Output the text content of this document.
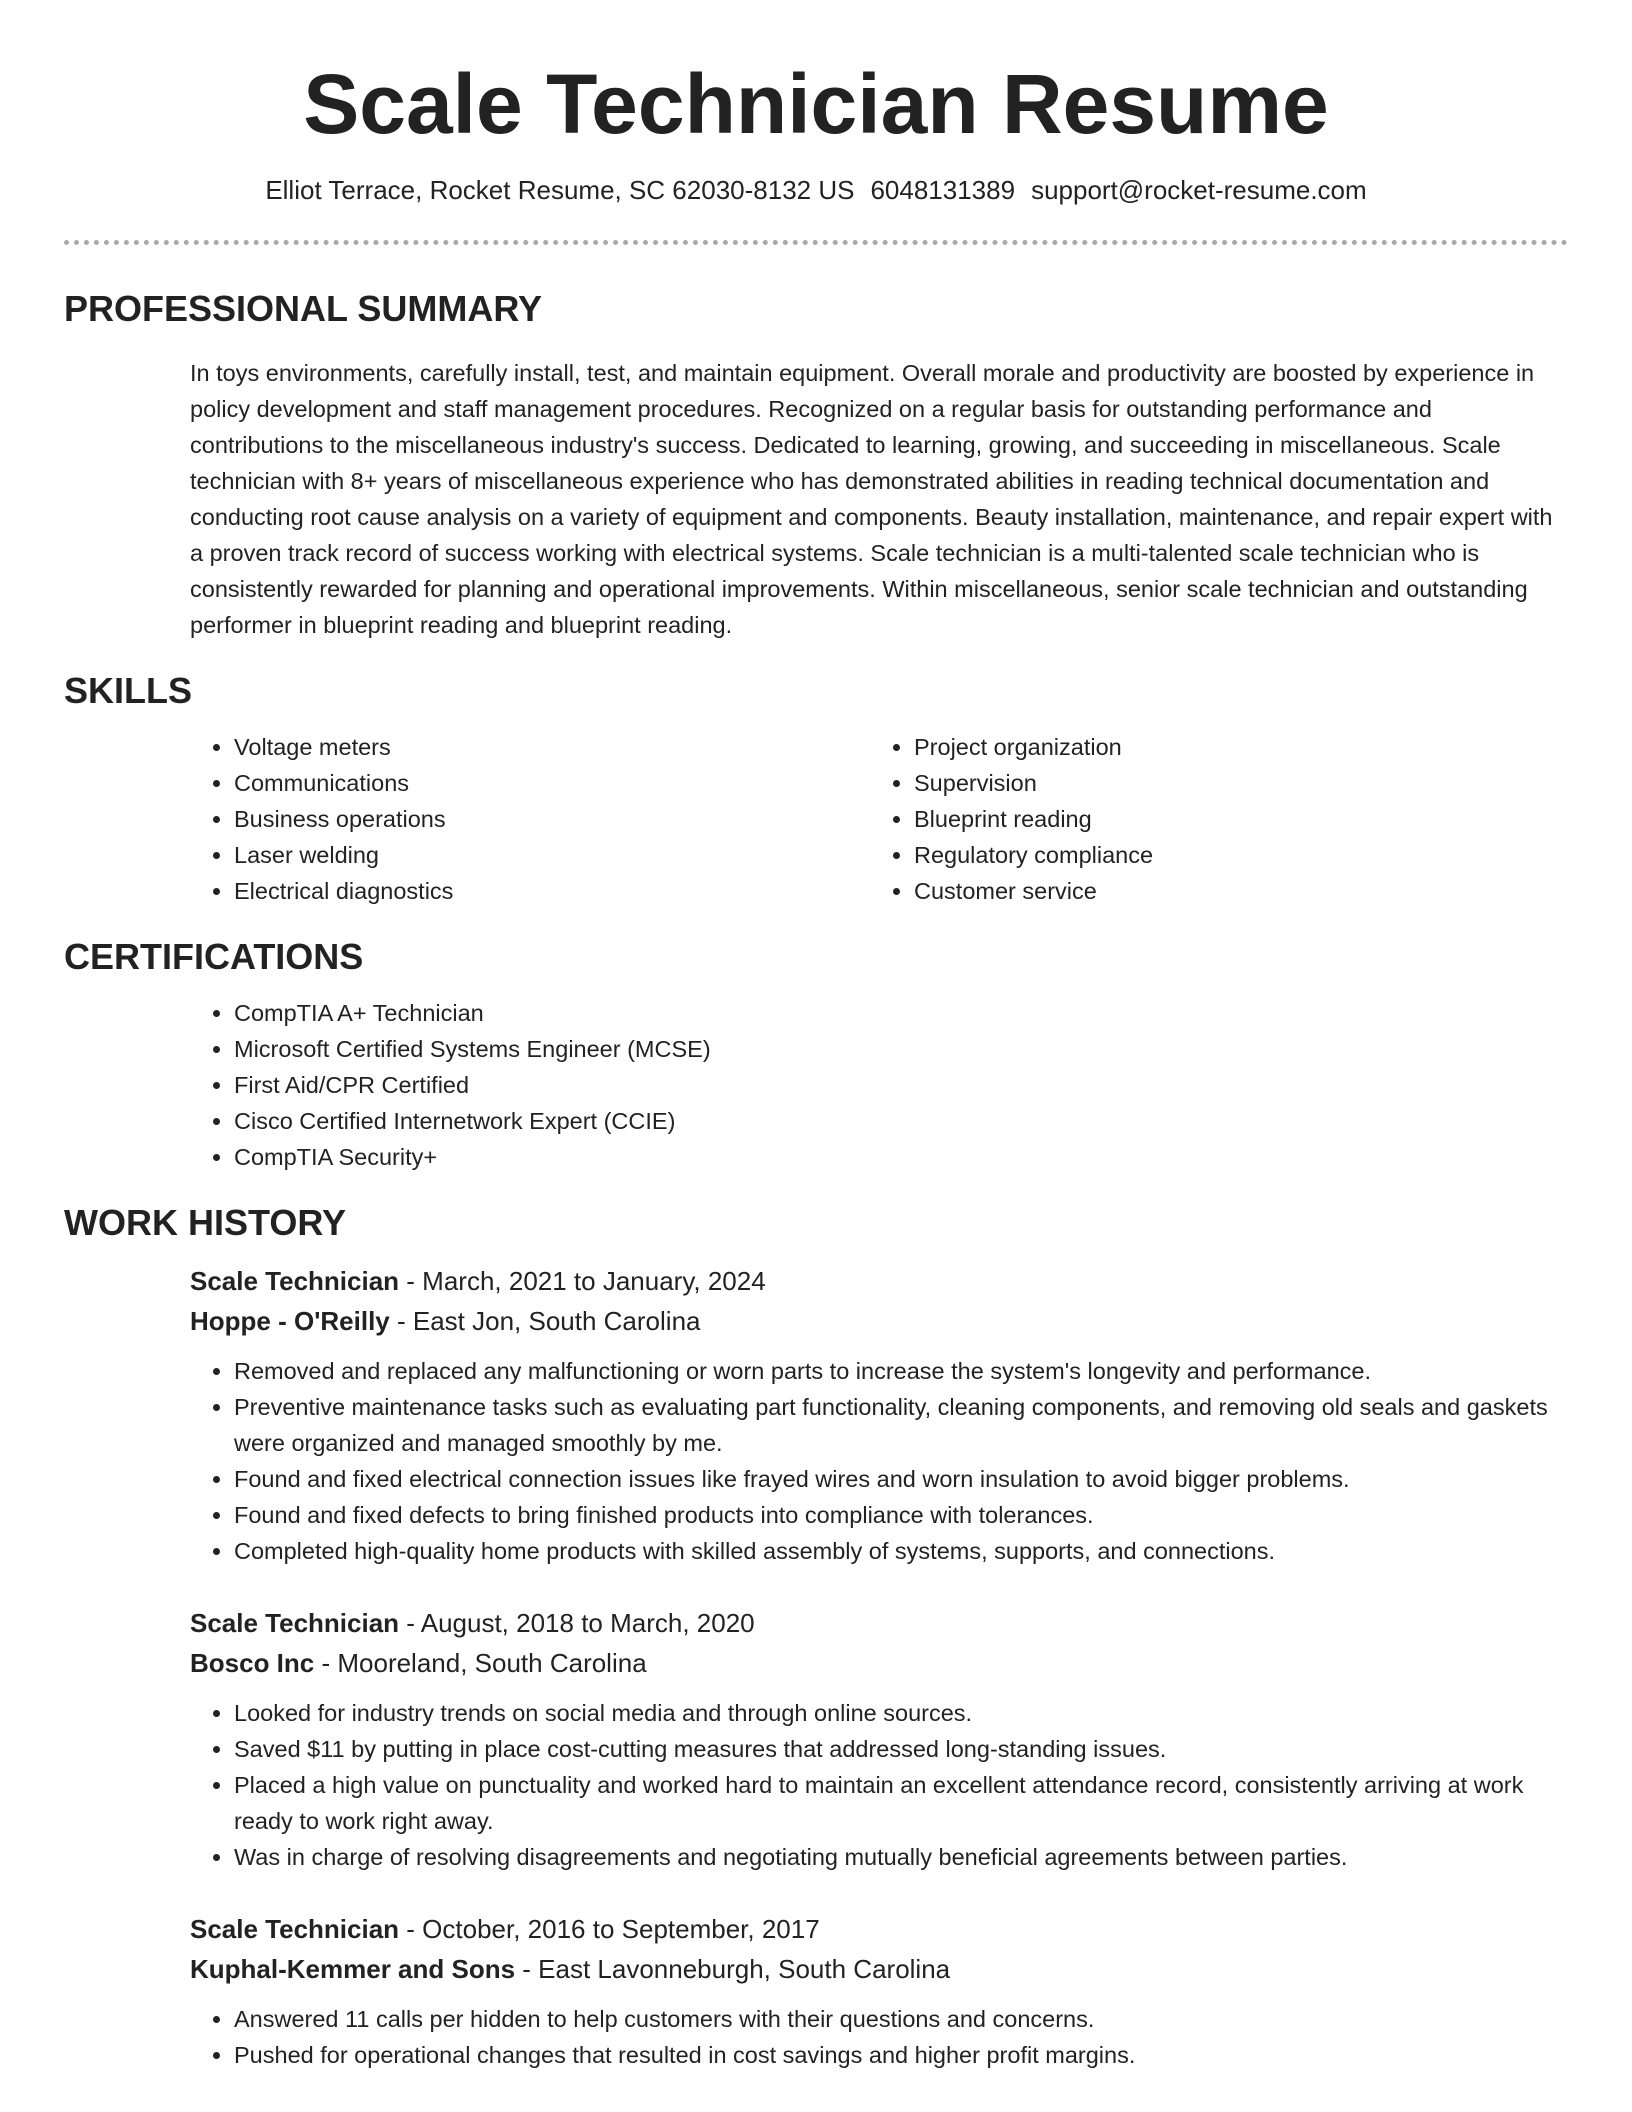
Scale Technician Resume
Elliot Terrace, Rocket Resume, SC 62030-8132 US 6048131389 support@rocket-resume.com
PROFESSIONAL SUMMARY

In toys environments, carefully install, test, and maintain equipment. Overall morale and productivity are boosted by experience in policy development and staff management procedures. Recognized on a regular basis for outstanding performance and contributions to the miscellaneous industry's success. Dedicated to learning, growing, and succeeding in miscellaneous. Scale technician with 8+ years of miscellaneous experience who has demonstrated abilities in reading technical documentation and conducting root cause analysis on a variety of equipment and components. Beauty installation, maintenance, and repair expert with a proven track record of success working with electrical systems. Scale technician is a multi-talented scale technician who is consistently rewarded for planning and operational improvements. Within miscellaneous, senior scale technician and outstanding performer in blueprint reading and blueprint reading.

SKILLS
• Voltage meters
• Communications
• Business operations
• Laser welding
• Electrical diagnostics
• Project organization
• Supervision
• Blueprint reading
• Regulatory compliance
• Customer service
CERTIFICATIONS
• CompTIA A+ Technician
• Microsoft Certified Systems Engineer (MCSE)
• First Aid/CPR Certified
• Cisco Certified Internetwork Expert (CCIE)
• CompTIA Security+
WORK HISTORY
Scale Technician - March, 2021 to January, 2024
Hoppe - O'Reilly - East Jon, South Carolina
• Removed and replaced any malfunctioning or worn parts to increase the system's longevity and performance.
• Preventive maintenance tasks such as evaluating part functionality, cleaning components, and removing old seals and gaskets were organized and managed smoothly by me.
• Found and fixed electrical connection issues like frayed wires and worn insulation to avoid bigger problems.
• Found and fixed defects to bring finished products into compliance with tolerances.
• Completed high-quality home products with skilled assembly of systems, supports, and connections.
Scale Technician - August, 2018 to March, 2020
Bosco Inc - Mooreland, South Carolina
• Looked for industry trends on social media and through online sources.
• Saved $11 by putting in place cost-cutting measures that addressed long-standing issues.
• Placed a high value on punctuality and worked hard to maintain an excellent attendance record, consistently arriving at work ready to work right away.
• Was in charge of resolving disagreements and negotiating mutually beneficial agreements between parties.
Scale Technician - October, 2016 to September, 2017
Kuphal-Kemmer and Sons - East Lavonneburgh, South Carolina
• Answered 11 calls per hidden to help customers with their questions and concerns.
• Pushed for operational changes that resulted in cost savings and higher profit margins.
